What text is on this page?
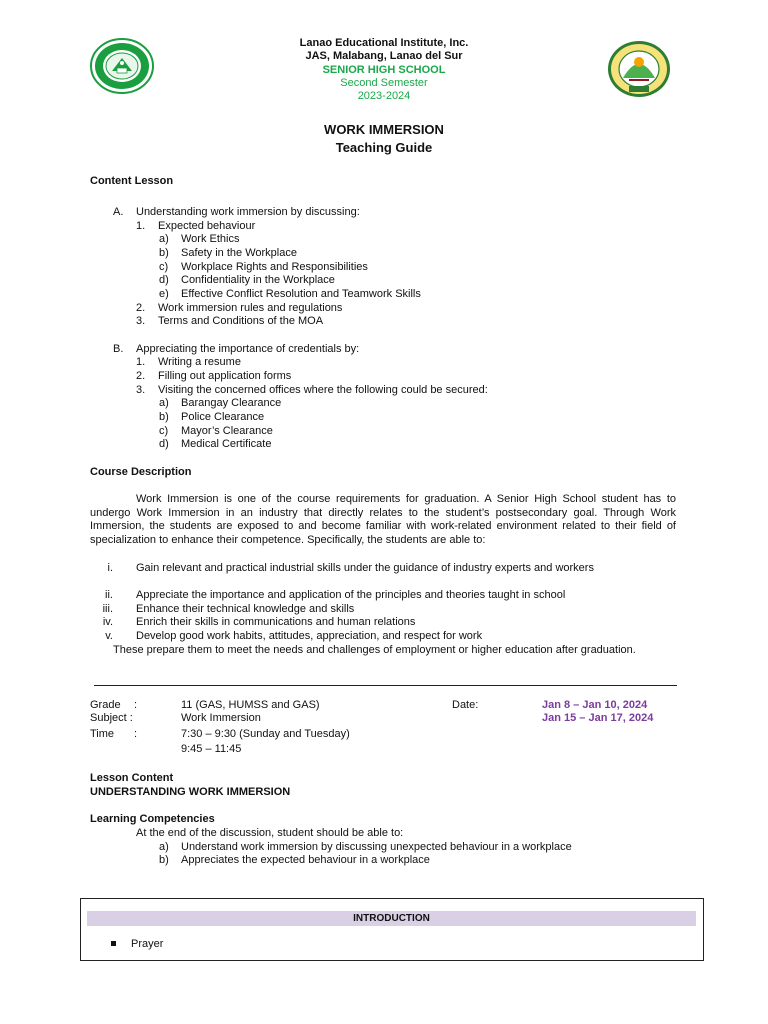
Lanao Educational Institute, Inc.
JAS, Malabang, Lanao del Sur
SENIOR HIGH SCHOOL
Second Semester
2023-2024
WORK IMMERSION
Teaching Guide
Content Lesson
A. Understanding work immersion by discussing:
1. Expected behaviour
a) Work Ethics
b) Safety in the Workplace
c) Workplace Rights and Responsibilities
d) Confidentiality in the Workplace
e) Effective Conflict Resolution and Teamwork Skills
2. Work immersion rules and regulations
3. Terms and Conditions of the MOA
B. Appreciating the importance of credentials by:
1. Writing a resume
2. Filling out application forms
3. Visiting the concerned offices where the following could be secured:
a) Barangay Clearance
b) Police Clearance
c) Mayor’s Clearance
d) Medical Certificate
Course Description

Work Immersion is one of the course requirements for graduation. A Senior High School student has to undergo Work Immersion in an industry that directly relates to the student’s postsecondary goal. Through Work Immersion, the students are exposed to and become familiar with work-related environment related to their field of specialization to enhance their competence. Specifically, the students are able to:

i. Gain relevant and practical industrial skills under the guidance of industry experts and workers
ii. Appreciate the importance and application of the principles and theories taught in school
iii. Enhance their technical knowledge and skills
iv. Enrich their skills in communications and human relations
v. Develop good work habits, attitudes, appreciation, and respect for work

These prepare them to meet the needs and challenges of employment or higher education after graduation.

Grade :	11 (GAS, HUMSS and GAS)
Subject :	Work Immersion
Time :	7:30 – 9:30 (Sunday and Tuesday)
9:45 – 11:45
Date:	Jan 8 – Jan 10, 2024
Jan 15 – Jan 17, 2024
Lesson Content
UNDERSTANDING WORK IMMERSION
Learning Competencies
At the end of the discussion, student should be able to:
a) Understand work immersion by discussing unexpected behaviour in a workplace
b) Appreciates the expected behaviour in a workplace
INTRODUCTION
Prayer
